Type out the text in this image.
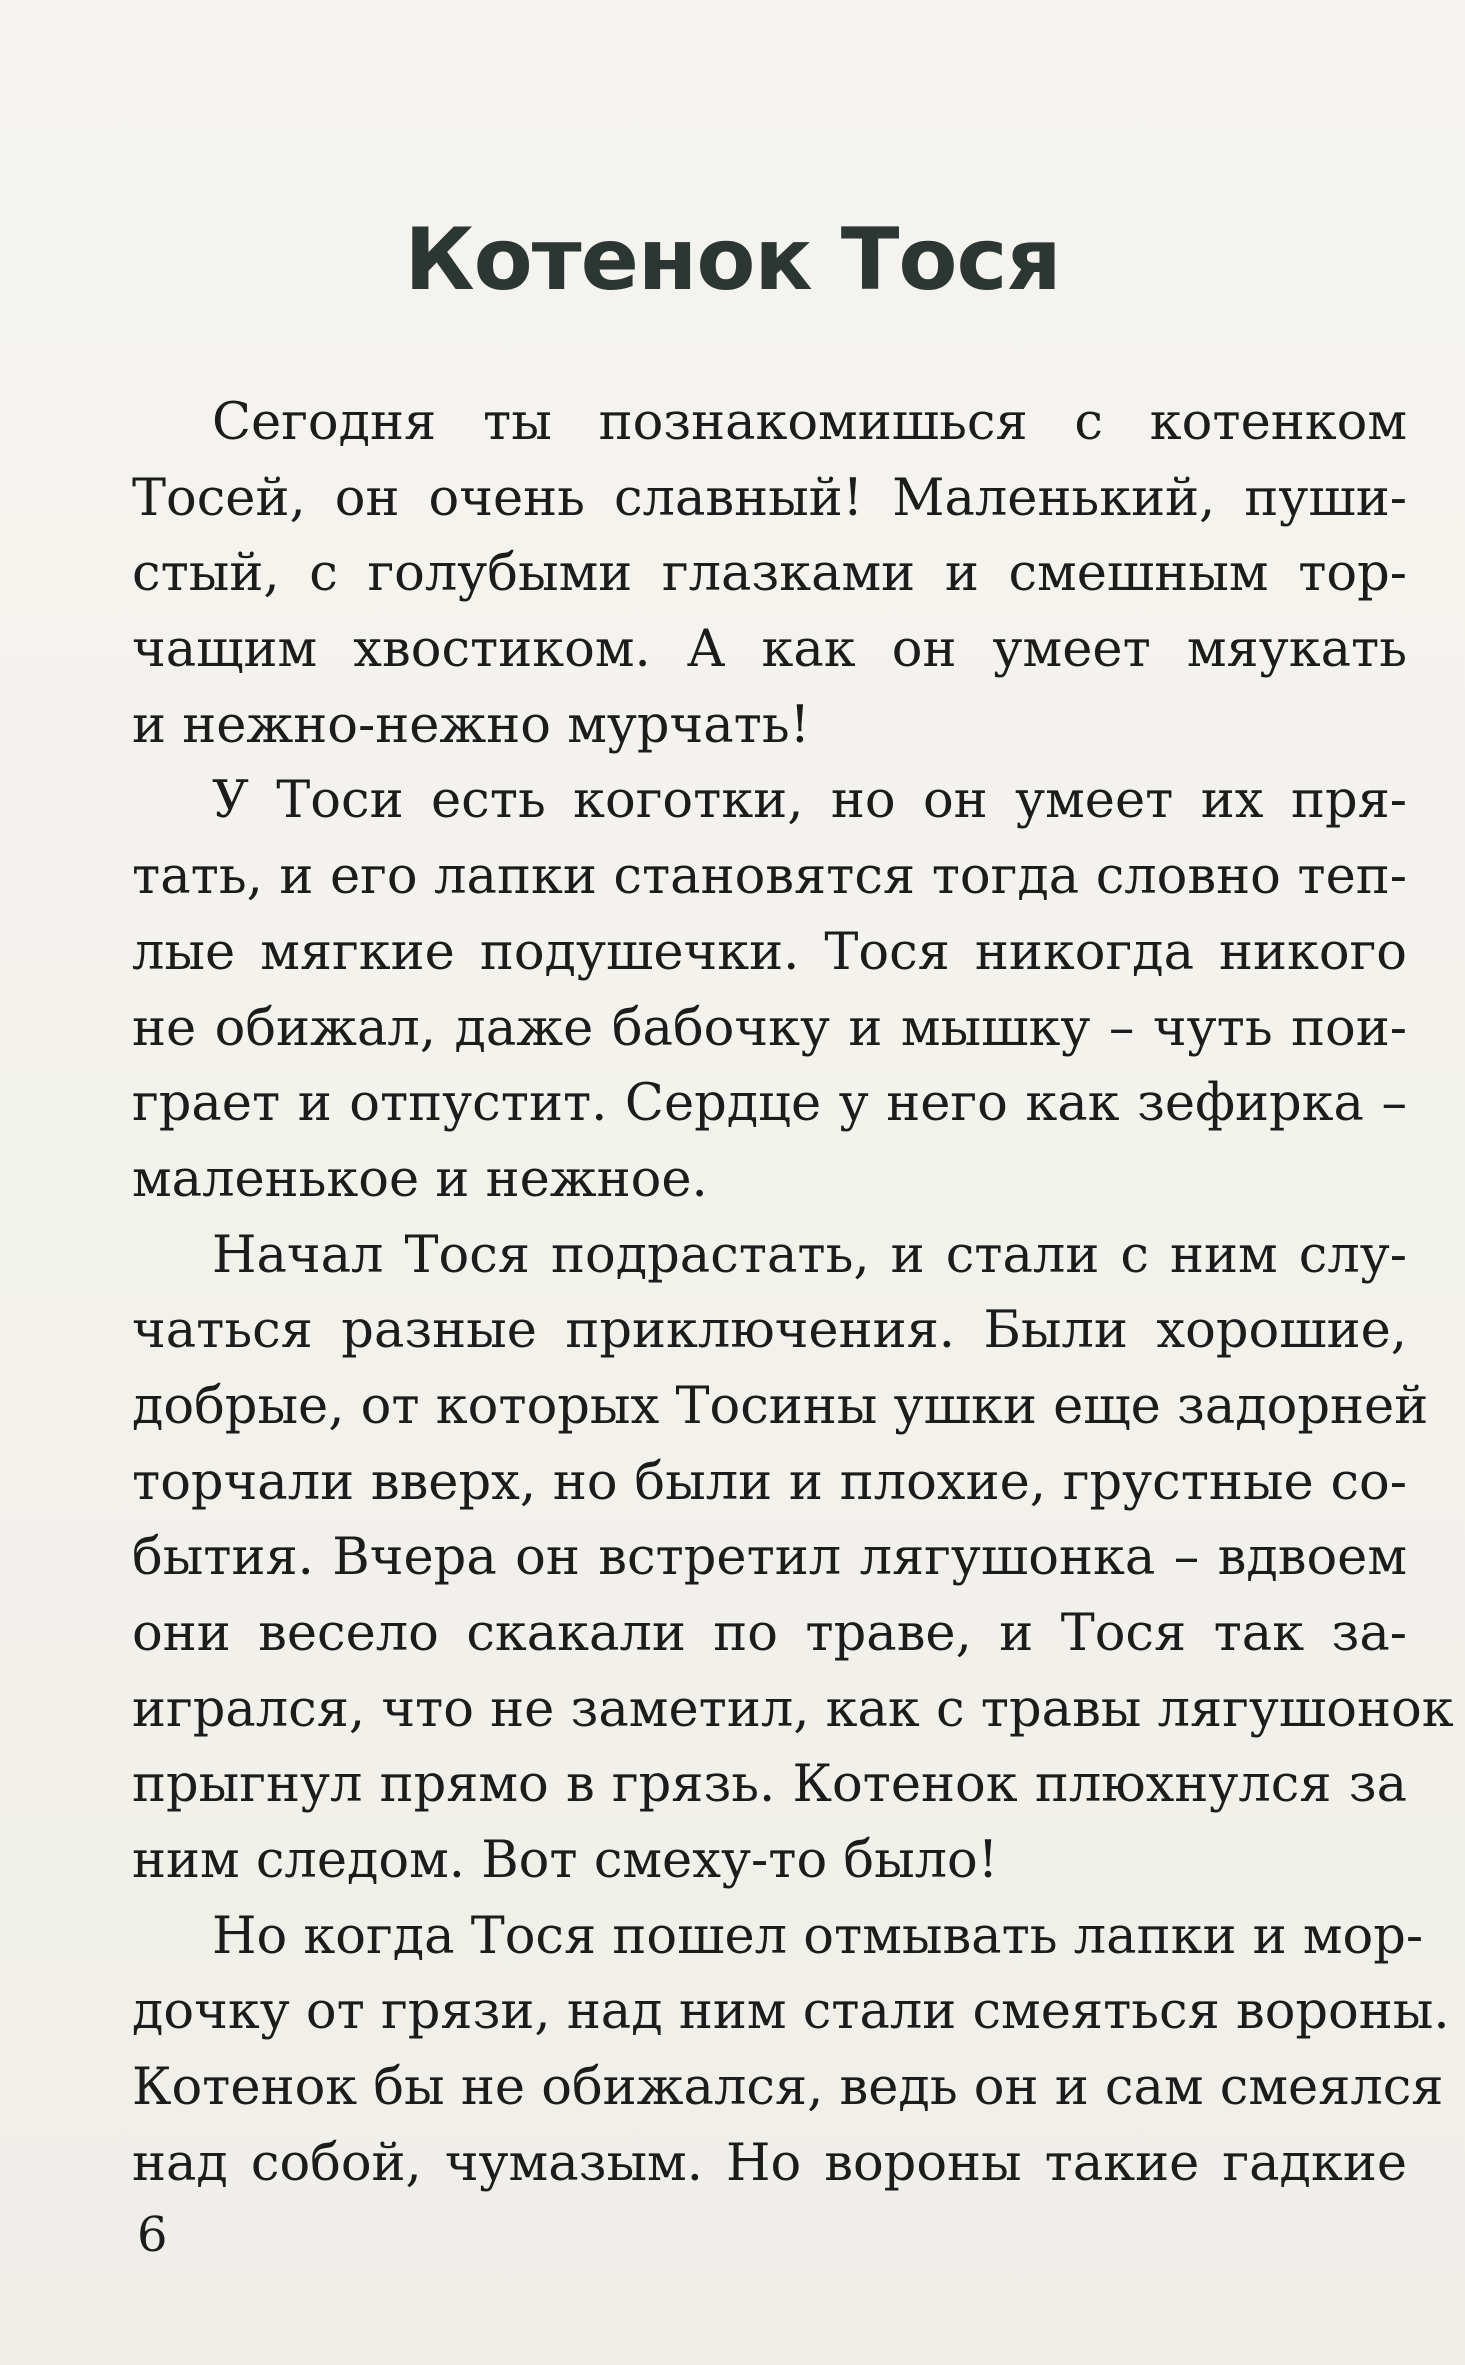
Котенок Тося

Сегодня ты познакомишься с котенком
Тосей, он очень славный! Маленький, пуши-
стый, с голубыми глазками и смешным тор-
чащим хвостиком. А как он умеет мяукать
и нежно-нежно мурчать!

У Тоси есть коготки, но он умеет их пря-
тать, и его лапки становятся тогда словно теп-
лые мягкие подушечки. Тося никогда никого
не обижал, даже бабочку и мышку – чуть пои-
грает и отпустит. Сердце у него как зефирка –
маленькое и нежное.

Начал Тося подрастать, и стали с ним слу-
чаться разные приключения. Были хорошие,
добрые, от которых Тосины ушки еще задорней
торчали вверх, но были и плохие, грустные со-
бытия. Вчера он встретил лягушонка – вдвоем
они весело скакали по траве, и Тося так за-
игрался, что не заметил, как с травы лягушонок
прыгнул прямо в грязь. Котенок плюхнулся за
ним следом. Вот смеху-то было!

Но когда Тося пошел отмывать лапки и мор-
дочку от грязи, над ним стали смеяться вороны.
Котенок бы не обижался, ведь он и сам смеялся
над собой, чумазым. Но вороны такие гадкие

6
